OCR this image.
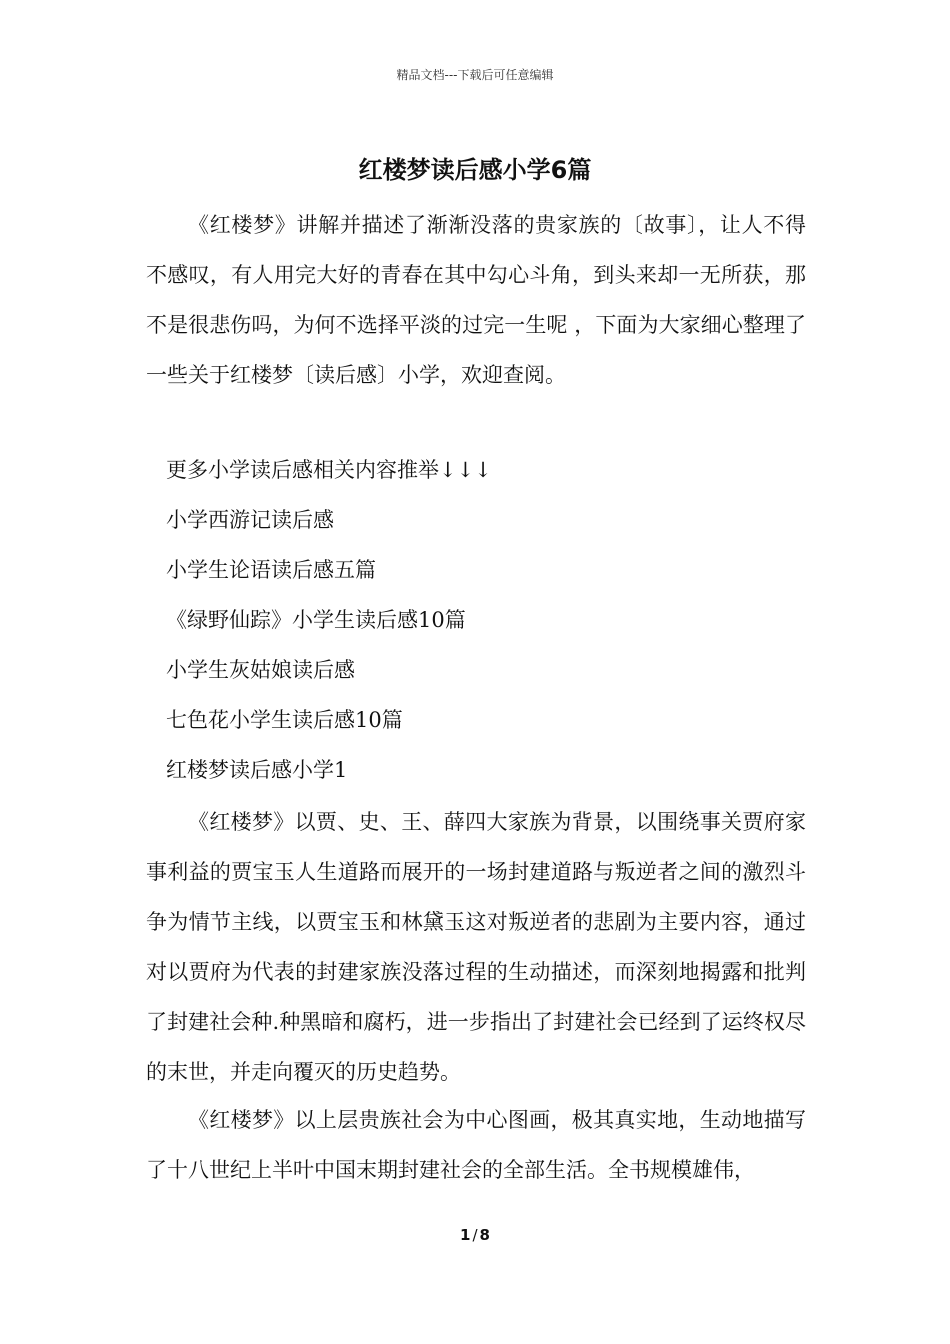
精品文档---下载后可任意编辑
红楼梦读后感小学6篇

《红楼梦》讲解并描述了渐渐没落的贵家族的〔故事〕，让人不得不感叹，有人用完大好的青春在其中勾心斗角，到头来却一无所获，那不是很悲伤吗，为何不选择平淡的过完一生呢 ，下面为大家细心整理了一些关于红楼梦〔读后感〕小学，欢迎查阅。

更多小学读后感相关内容推举↓↓↓
小学西游记读后感
小学生论语读后感五篇
《绿野仙踪》小学生读后感10篇
小学生灰姑娘读后感
七色花小学生读后感10篇
红楼梦读后感小学1

《红楼梦》以贾、史、王、薛四大家族为背景，以围绕事关贾府家事利益的贾宝玉人生道路而展开的一场封建道路与叛逆者之间的激烈斗争为情节主线，以贾宝玉和林黛玉这对叛逆者的悲剧为主要内容，通过对以贾府为代表的封建家族没落过程的生动描述，而深刻地揭露和批判了封建社会种.种黑暗和腐朽，进一步指出了封建社会已经到了运终权尽的末世，并走向覆灭的历史趋势。

《红楼梦》以上层贵族社会为中心图画，极其真实地，生动地描写了十八世纪上半叶中国末期封建社会的全部生活。全书规模雄伟，

1 / 8
